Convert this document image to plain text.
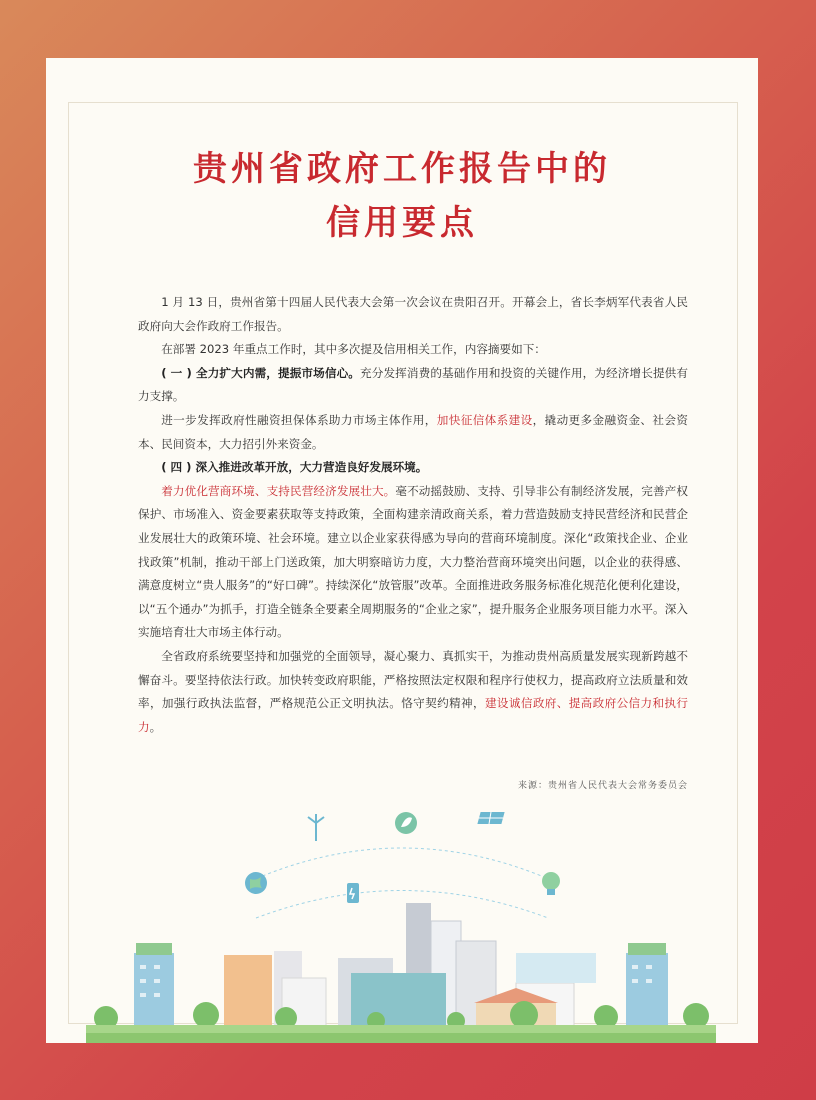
贵州省政府工作报告中的
信用要点

1 月 13 日，贵州省第十四届人民代表大会第一次会议在贵阳召开。开幕会上，省长李炳军代表省人民政府向大会作政府工作报告。

在部署 2023 年重点工作时，其中多次提及信用相关工作，内容摘要如下：

( 一 ) 全力扩大内需，提振市场信心。充分发挥消费的基础作用和投资的关键作用，为经济增长提供有力支撑。

进一步发挥政府性融资担保体系助力市场主体作用，加快征信体系建设，撬动更多金融资金、社会资本、民间资本，大力招引外来资金。

( 四 ) 深入推进改革开放，大力营造良好发展环境。

着力优化营商环境、支持民营经济发展壮大。毫不动摇鼓励、支持、引导非公有制经济发展，完善产权保护、市场准入、资金要素获取等支持政策，全面构建亲清政商关系，着力营造鼓励支持民营经济和民营企业发展壮大的政策环境、社会环境。建立以企业家获得感为导向的营商环境制度。深化“政策找企业、企业找政策”机制，推动干部上门送政策，加大明察暗访力度，大力整治营商环境突出问题，以企业的获得感、满意度树立“贵人服务”的“好口碑”。持续深化“放管服”改革。全面推进政务服务标准化规范化便利化建设，以“五个通办”为抓手，打造全链条全要素全周期服务的“企业之家”，提升服务企业服务项目能力水平。深入实施培育壮大市场主体行动。

全省政府系统要坚持和加强党的全面领导，凝心聚力、真抓实干，为推动贵州高质量发展实现新跨越不懈奋斗。要坚持依法行政。加快转变政府职能，严格按照法定权限和程序行使权力，提高政府立法质量和效率，加强行政执法监督，严格规范公正文明执法。恪守契约精神，建设诚信政府、提高政府公信力和执行力。

来源：贵州省人民代表大会常务委员会
